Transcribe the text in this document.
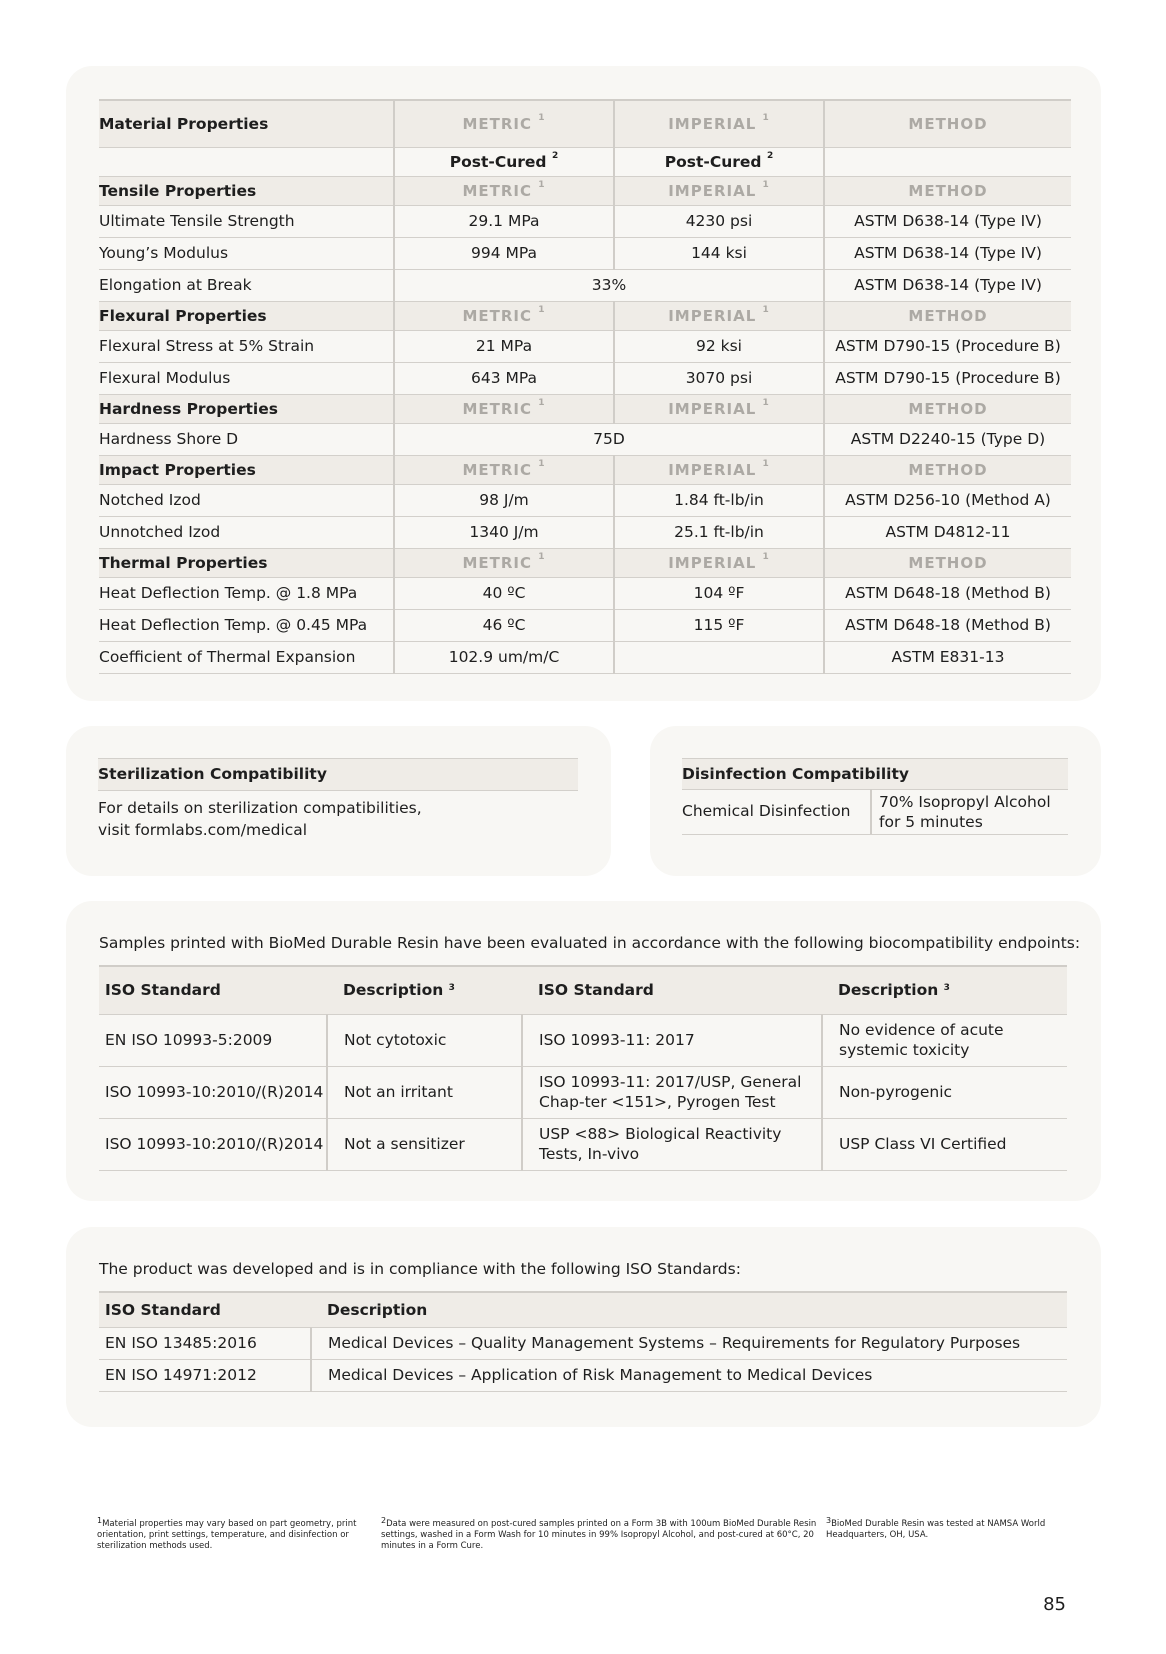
Material Properties	METRIC $^1$	IMPERIAL $^1$	METHOD
	Post-Cured $^2$	Post-Cured $^2$	
Tensile Properties	METRIC $^1$	IMPERIAL $^1$	METHOD
Ultimate Tensile Strength	29.1 MPa	4230 psi	ASTM D638-14 (Type IV)
Young’s Modulus	994 MPa	144 ksi	ASTM D638-14 (Type IV)
Elongation at Break	33%		ASTM D638-14 (Type IV)
Flexural Properties	METRIC $^1$	IMPERIAL $^1$	METHOD
Flexural Stress at 5% Strain	21 MPa	92 ksi	ASTM D790-15 (Procedure B)
Flexural Modulus	643 MPa	3070 psi	ASTM D790-15 (Procedure B)
Hardness Properties	METRIC $^1$	IMPERIAL $^1$	METHOD
Hardness Shore D	75D		ASTM D2240-15 (Type D)
Impact Properties	METRIC $^1$	IMPERIAL $^1$	METHOD
Notched Izod	98 J/m	1.84 ft-lb/in	ASTM D256-10 (Method A)
Unnotched Izod	1340 J/m	25.1 ft-lb/in	ASTM D4812-11
Thermal Properties	METRIC $^1$	IMPERIAL $^1$	METHOD
Heat Deflection Temp. @ 1.8 MPa	40 ºC	104 ºF	ASTM D648-18 (Method B)
Heat Deflection Temp. @ 0.45 MPa	46 ºC	115 ºF	ASTM D648-18 (Method B)
Coefficient of Thermal Expansion	102.9 um/m/C		ASTM E831-13
Sterilization Compatibility
For details on sterilization compatibilities,
visit formlabs.com/medical
Disinfection Compatibility
Chemical Disinfection	70% Isopropyl Alcohol for 5 minutes
Samples printed with BioMed Durable Resin have been evaluated in accordance with the following biocompatibility endpoints:
ISO Standard	Description $^3$	ISO Standard	Description $^3$
EN ISO 10993-5:2009	Not cytotoxic	ISO 10993-11: 2017	No evidence of acute systemic toxicity
ISO 10993-10:2010/(R)2014	Not an irritant	ISO 10993-11: 2017/USP, General Chap-ter <151>, Pyrogen Test	Non-pyrogenic
ISO 10993-10:2010/(R)2014	Not a sensitizer	USP <88> Biological Reactivity Tests, In-vivo	USP Class VI Certified
The product was developed and is in compliance with the following ISO Standards:
ISO Standard	Description
EN ISO 13485:2016	Medical Devices – Quality Management Systems – Requirements for Regulatory Purposes
EN ISO 14971:2012	Medical Devices – Application of Risk Management to Medical Devices
$^1$Material properties may vary based on part geometry, print orientation, print settings, temperature, and disinfection or sterilization methods used.
$^2$Data were measured on post-cured samples printed on a Form 3B with 100um BioMed Durable Resin settings, washed in a Form Wash for 10 minutes in 99% Isopropyl Alcohol, and post-cured at 60°C, 20 minutes in a Form Cure.
$^3$BioMed Durable Resin was tested at NAMSA World Headquarters, OH, USA.
85
